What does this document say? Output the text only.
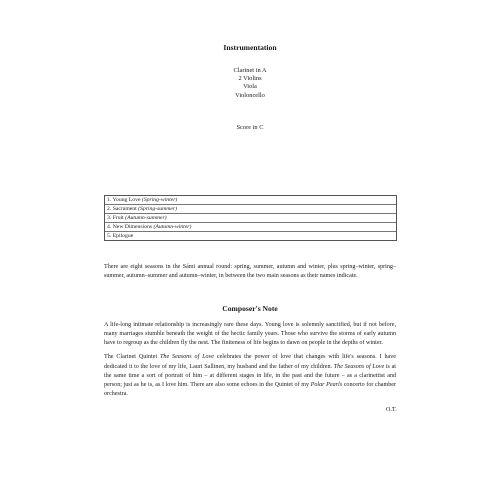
Instrumentation
Clarinet in A
2 Violins
Viola
Violoncello
Score in C
1. Young Love (Spring-winter)
2. Sacrament (Spring-summer)
3. Fruit (Autumn-summer)
4. New Dimensions (Autumn-winter)
5. Epilogue
There are eight seasons in the Sámi annual round: spring, summer, autumn and winter, plus spring–winter, spring–summer, autumn–summer and autumn–winter, in between the two main seasons as their names indicate.
Composer's Note

A life-long intimate relationship is increasingly rare these days. Young love is solemnly sanctified, but if not before, many marriages stumble beneath the weight of the hectic family years. Those who survive the storms of early autumn have to regroup as the children fly the nest. The finiteness of life begins to dawn on people in the depths of winter.

The Clarinet Quintet The Seasons of Love celebrates the power of love that changes with life's seasons. I have dedicated it to the love of my life, Lauri Sallinen, my husband and the father of my children. The Seasons of Love is at the same time a sort of portrait of him – at different stages in life, in the past and the future – as a clarinettist and person; just as he is, as I love him. There are also some echoes in the Quintet of my Polar Pearls concerto for chamber orchestra.

O.T.
